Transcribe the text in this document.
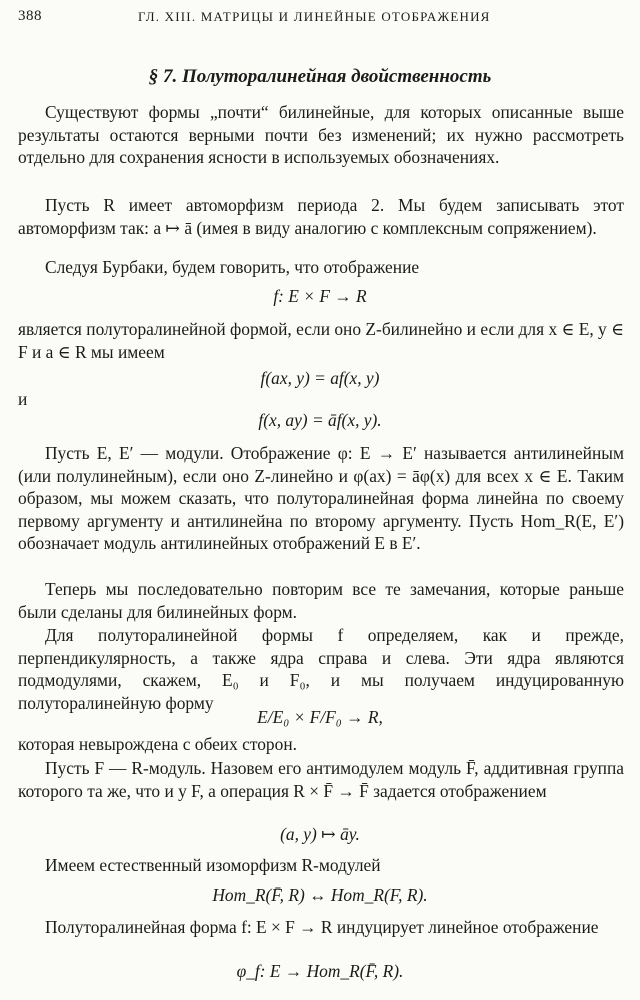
388	ГЛ. XIII. МАТРИЦЫ И ЛИНЕЙНЫЕ ОТОБРАЖЕНИЯ
§ 7. Полуторалинейная двойственность
Существуют формы „почти“ билинейные, для которых описанные выше результаты остаются верными почти без изменений; их нужно рассмотреть отдельно для сохранения ясности в используемых обозначениях.
Пусть R имеет автоморфизм периода 2. Мы будем записывать этот автоморфизм так: a ↦ ā (имея в виду аналогию с комплексным сопряжением).
Следуя Бурбаки, будем говорить, что отображение
f: E × F → R
является полуторалинейной формой, если оно Z-билинейно и если для x ∈ E, y ∈ F и a ∈ R мы имеем
f(ax, y) = af(x, y)
и
f(x, ay) = āf(x, y).
Пусть E, E′ — модули. Отображение φ: E → E′ называется антилинейным (или полулинейным), если оно Z-линейно и φ(ax) = āφ(x) для всех x ∈ E. Таким образом, мы можем сказать, что полуторалинейная форма линейна по своему первому аргументу и антилинейна по второму аргументу. Пусть Hom_R(E, E′) обозначает модуль антилинейных отображений E в E′.
Теперь мы последовательно повторим все те замечания, которые раньше были сделаны для билинейных форм.
Для полуторалинейной формы f определяем, как и прежде, перпендикулярность, а также ядра справа и слева. Эти ядра являются подмодулями, скажем, E₀ и F₀, и мы получаем индуцированную полуторалинейную форму
E/E₀ × F/F₀ → R,
которая невырождена с обеих сторон.
Пусть F — R-модуль. Назовем его антимодулем модуль F̄, аддитивная группа которого та же, что и у F, а операция R × F̄ → F̄ задается отображением
(a, y) ↦ āy.
Имеем естественный изоморфизм R-модулей
Hom_R(F̄, R) ↔ Hom_R(F, R).
Полуторалинейная форма f: E × F → R индуцирует линейное отображение
φ_f: E → Hom_R(F̄, R).
